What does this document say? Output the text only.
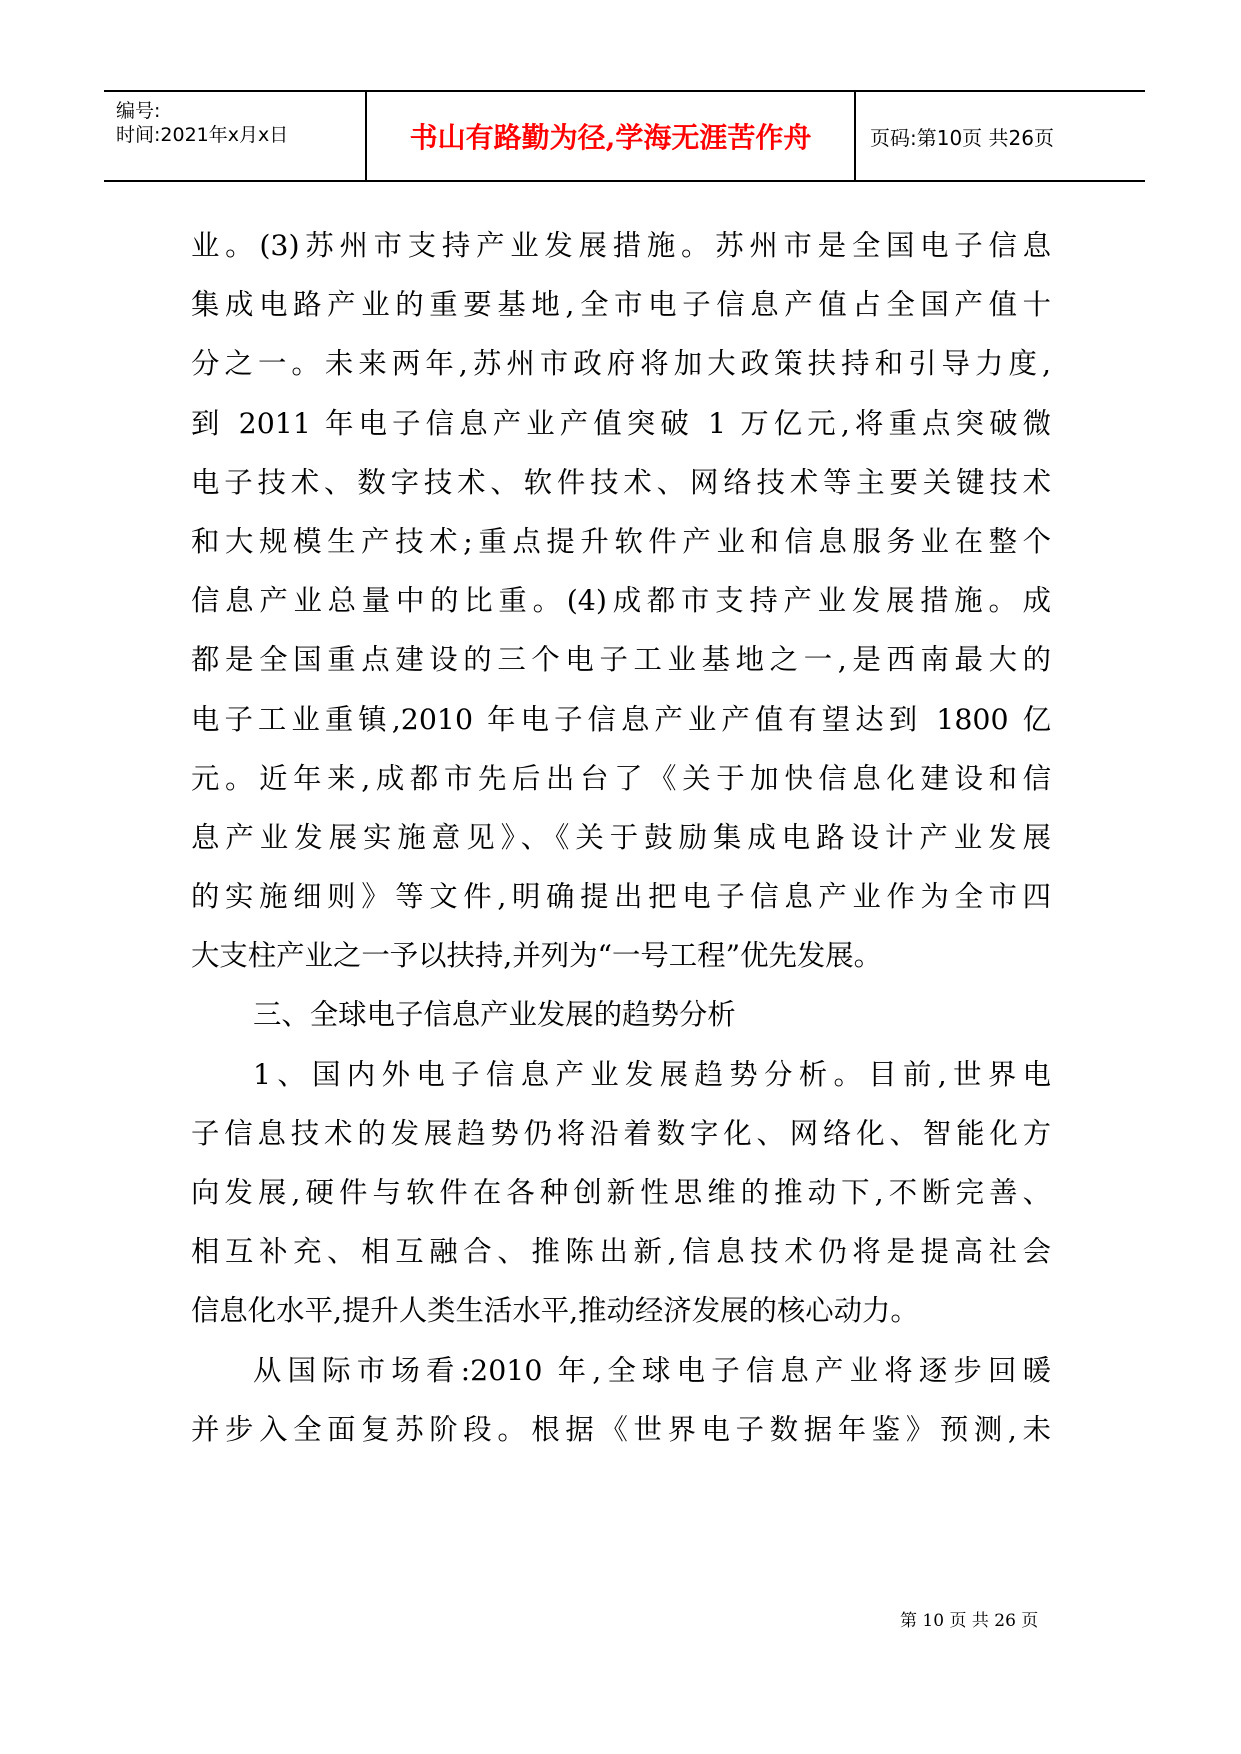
编号:
时间:2021年x月x日	书山有路勤为径,学海无涯苦作舟	页码:第10页 共26页
业。(3)苏州市支持产业发展措施。苏州市是全国电子信息
集成电路产业的重要基地,全市电子信息产值占全国产值十
分之一。未来两年,苏州市政府将加大政策扶持和引导力度,
到 2011 年电子信息产业产值突破 1 万亿元,将重点突破微
电子技术、数字技术、软件技术、网络技术等主要关键技术
和大规模生产技术;重点提升软件产业和信息服务业在整个
信息产业总量中的比重。(4)成都市支持产业发展措施。成
都是全国重点建设的三个电子工业基地之一,是西南最大的
电子工业重镇,2010 年电子信息产业产值有望达到 1800 亿
元。近年来,成都市先后出台了《关于加快信息化建设和信
息产业发展实施意见》、《关于鼓励集成电路设计产业发展
的实施细则》等文件,明确提出把电子信息产业作为全市四
大支柱产业之一予以扶持,并列为“一号工程”优先发展。
三、全球电子信息产业发展的趋势分析
1、国内外电子信息产业发展趋势分析。目前,世界电
子信息技术的发展趋势仍将沿着数字化、网络化、智能化方
向发展,硬件与软件在各种创新性思维的推动下,不断完善、
相互补充、相互融合、推陈出新,信息技术仍将是提高社会
信息化水平,提升人类生活水平,推动经济发展的核心动力。
从国际市场看:2010 年,全球电子信息产业将逐步回暖
并步入全面复苏阶段。根据《世界电子数据年鉴》预测,未
第 10 页 共 26 页
